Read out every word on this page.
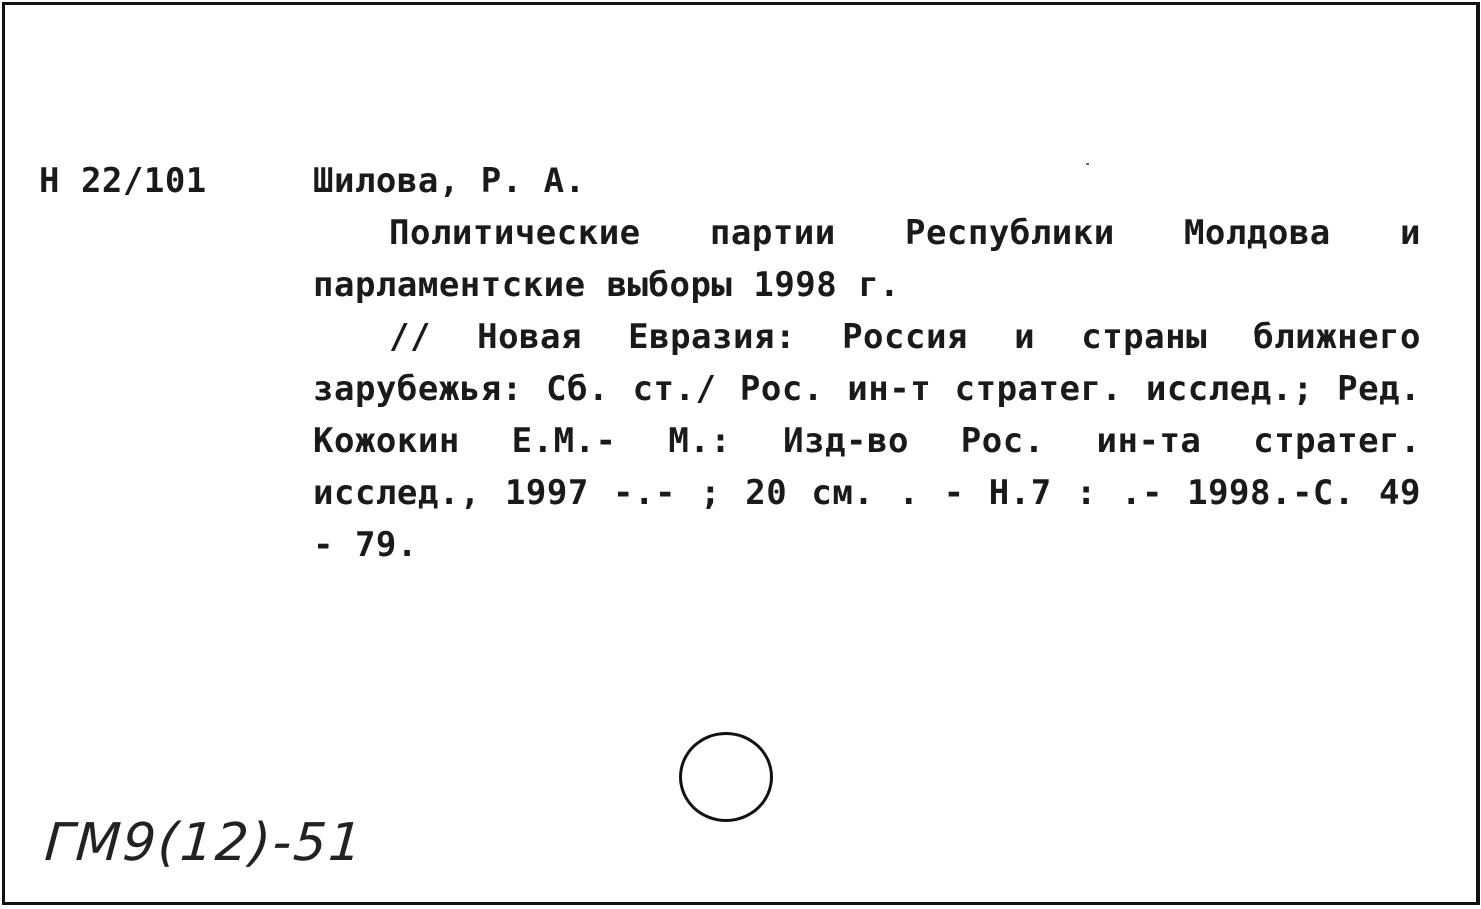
Н 22/101	Шилова, Р. А.

Политические партии Республики Молдова и парламентские выборы 1998 г.

// Новая Евразия: Россия и страны ближнего зарубежья: Сб. ст./ Рос. ин-т стратег. исслед.; Ред. Кожокин Е.М.- М.: Изд-во Рос. ин-та стратег. исслед., 1997 -.- ; 20 см. . - Н.7 : .- 1998.-С. 49 - 79.

ГМ9(12)-51
